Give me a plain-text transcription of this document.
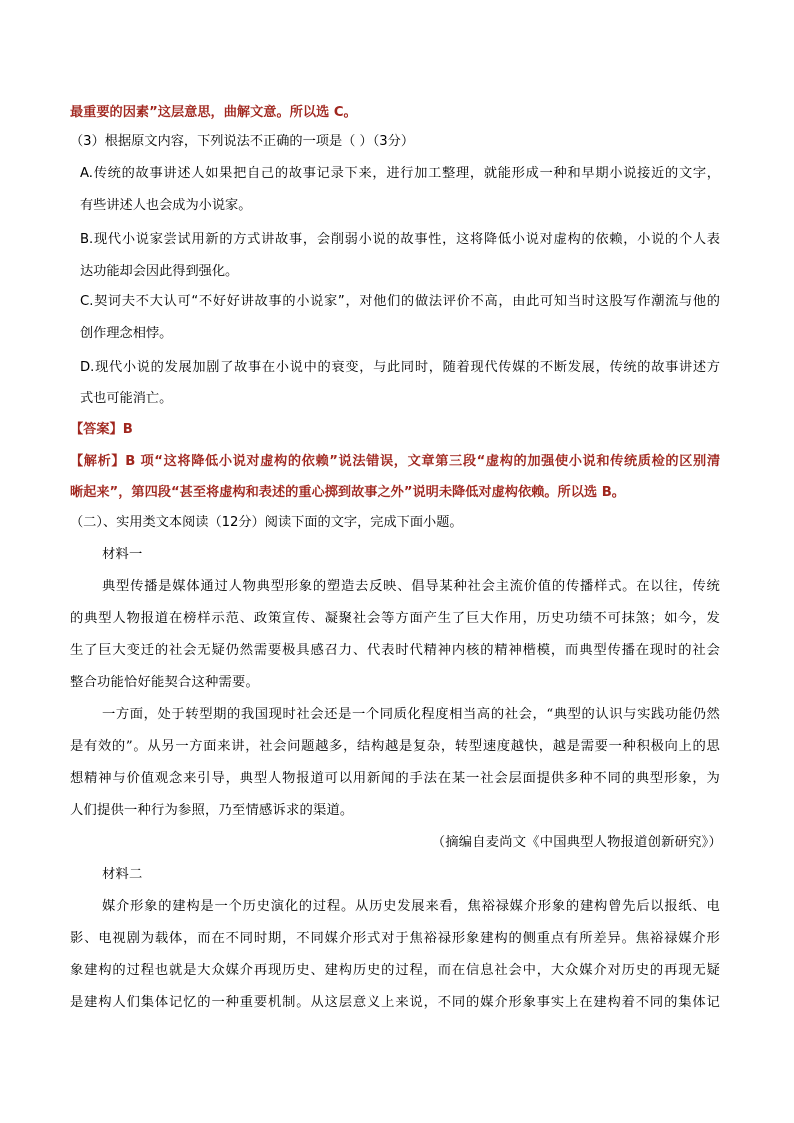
最重要的因素”这层意思，曲解文意。所以选 C。
（3）根据原文内容，下列说法不正确的一项是（ ）（3分）
A.传统的故事讲述人如果把自己的故事记录下来，进行加工整理，就能形成一种和早期小说接近的文字，
有些讲述人也会成为小说家。
B.现代小说家尝试用新的方式讲故事，会削弱小说的故事性，这将降低小说对虚构的依赖，小说的个人表
达功能却会因此得到强化。
C.契诃夫不大认可“不好好讲故事的小说家”，对他们的做法评价不高，由此可知当时这股写作潮流与他的
创作理念相悖。
D.现代小说的发展加剧了故事在小说中的衰变，与此同时，随着现代传媒的不断发展，传统的故事讲述方
式也可能消亡。
【答案】B
【解析】B 项“这将降低小说对虚构的依赖”说法错误，文章第三段“虚构的加强使小说和传统质检的区别清
晰起来”，第四段“甚至将虚构和表述的重心掷到故事之外”说明未降低对虚构依赖。所以选 B。
（二）、实用类文本阅读（12分）阅读下面的文字，完成下面小题。
材料一
典型传播是媒体通过人物典型形象的塑造去反映、倡导某种社会主流价值的传播样式。在以往，传统
的典型人物报道在榜样示范、政策宣传、凝聚社会等方面产生了巨大作用，历史功绩不可抹煞；如今，发
生了巨大变迁的社会无疑仍然需要极具感召力、代表时代精神内核的精神楷模，而典型传播在现时的社会
整合功能恰好能契合这种需要。
一方面，处于转型期的我国现时社会还是一个同质化程度相当高的社会，“典型的认识与实践功能仍然
是有效的”。从另一方面来讲，社会问题越多，结构越是复杂，转型速度越快，越是需要一种积极向上的思
想精神与价值观念来引导，典型人物报道可以用新闻的手法在某一社会层面提供多种不同的典型形象，为
人们提供一种行为参照，乃至情感诉求的渠道。
（摘编自麦尚文《中国典型人物报道创新研究》）
材料二
媒介形象的建构是一个历史演化的过程。从历史发展来看，焦裕禄媒介形象的建构曾先后以报纸、电
影、电视剧为载体，而在不同时期，不同媒介形式对于焦裕禄形象建构的侧重点有所差异。焦裕禄媒介形
象建构的过程也就是大众媒介再现历史、建构历史的过程，而在信息社会中，大众媒介对历史的再现无疑
是建构人们集体记忆的一种重要机制。从这层意义上来说，不同的媒介形象事实上在建构着不同的集体记
